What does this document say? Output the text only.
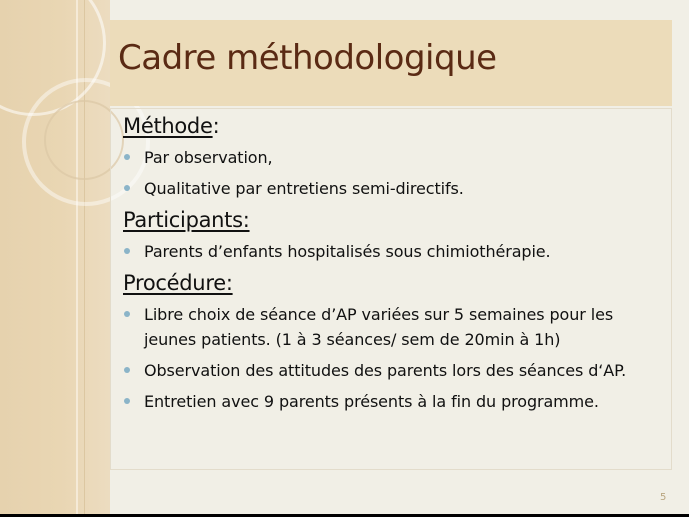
Cadre méthodologique
Méthode:
Par observation,
Qualitative par entretiens semi-directifs.
Participants:
Parents d’enfants hospitalisés sous chimiothérapie.
Procédure:
Libre choix de séance d’AP variées sur 5 semaines pour les jeunes patients. (1 à 3 séances/ sem de 20min à 1h)
Observation des attitudes des parents lors des séances d‘AP.
Entretien avec 9 parents présents à la fin du programme.
5
